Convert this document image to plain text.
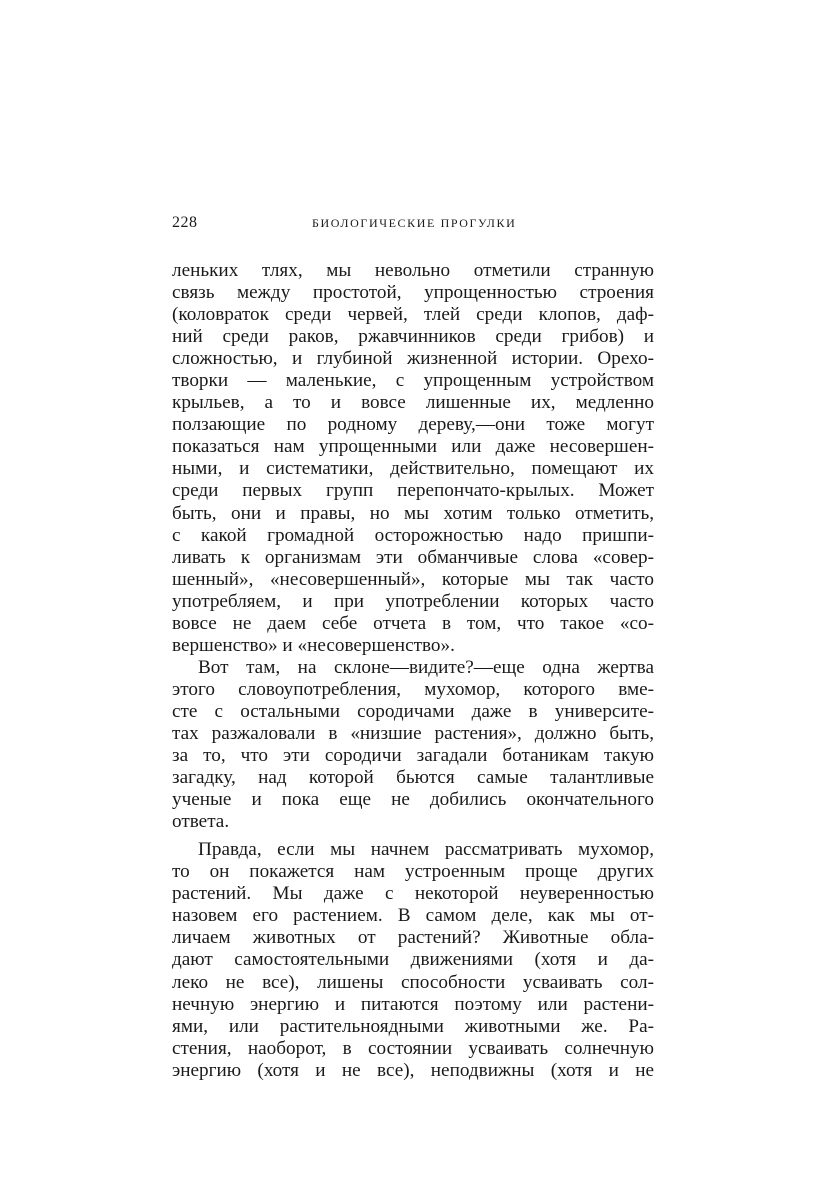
228	БИОЛОГИЧЕСКИЕ ПРОГУЛКИ
леньких тлях, мы невольно отметили странную
связь между простотой, упрощенностью строения
(коловраток среди червей, тлей среди клопов, даф-
ний среди раков, ржавчинников среди грибов) и
сложностью, и глубиной жизненной истории. Орехо-
творки — маленькие, с упрощенным устройством
крыльев, а то и вовсе лишенные их, медленно
ползающие по родному дереву,—они тоже могут
показаться нам упрощенными или даже несовершен-
ными, и систематики, действительно, помещают их
среди первых групп перепончато-крылых. Может
быть, они и правы, но мы хотим только отметить,
с какой громадной осторожностью надо пришпи-
ливать к организмам эти обманчивые слова «совер-
шенный», «несовершенный», которые мы так часто
употребляем, и при употреблении которых часто
вовсе не даем себе отчета в том, что такое «со-
вершенство» и «несовершенство».
Вот там, на склоне—видите?—еще одна жертва
этого словоупотребления, мухомор, которого вме-
сте с остальными сородичами даже в университе-
тах разжаловали в «низшие растения», должно быть,
за то, что эти сородичи загадали ботаникам такую
загадку, над которой бьются самые талантливые
ученые и пока еще не добились окончательного
ответа.
Правда, если мы начнем рассматривать мухомор,
то он покажется нам устроенным проще других
растений. Мы даже с некоторой неуверенностью
назовем его растением. В самом деле, как мы от-
личаем животных от растений? Животные обла-
дают самостоятельными движениями (хотя и да-
леко не все), лишены способности усваивать сол-
нечную энергию и питаются поэтому или растени-
ями, или растительноядными животными же. Ра-
стения, наоборот, в состоянии усваивать солнечную
энергию (хотя и не все), неподвижны (хотя и не
